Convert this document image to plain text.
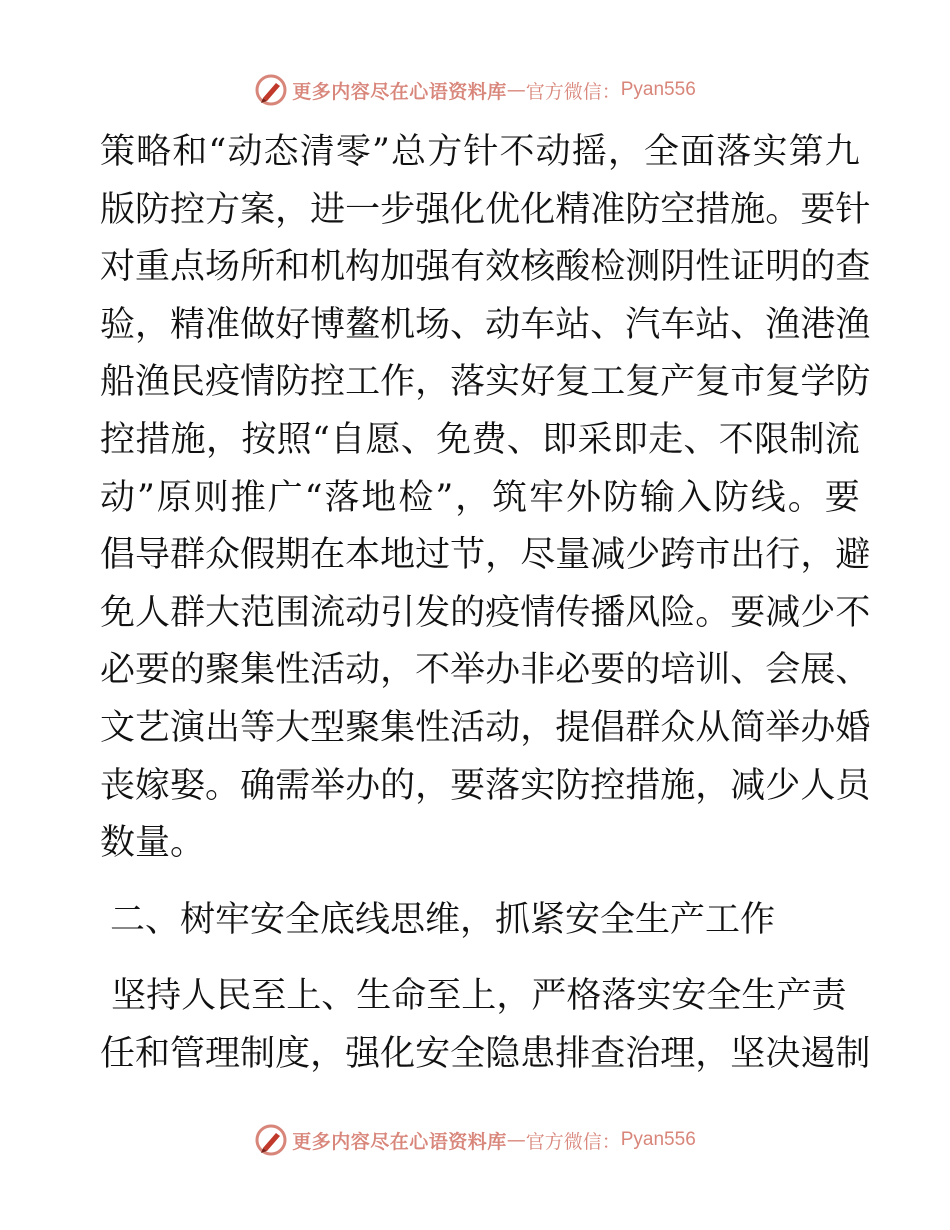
更多内容尽在心语资料库 — 官方微信： Pyan556
策 略 和 “ 动 态 清 零 ” 总 方 针 不 动 摇 ， 全 面 落 实 第 九
版 防 控 方 案 ， 进 一 步 强 化 优 化 精 准 防 空 措 施 。 要 针
对 重 点 场 所 和 机 构 加 强 有 效 核 酸 检 测 阴 性 证 明 的 查
验 ， 精 准 做 好 博 鳌 机 场 、 动 车 站 、 汽 车 站 、 渔 港 渔
船 渔 民 疫 情 防 控 工 作 ， 落 实 好 复 工 复 产 复 市 复 学 防
控 措 施 ， 按 照 “ 自 愿 、 免 费 、 即 采 即 走 、 不 限 制 流
动 ” 原 则 推 广 “ 落 地 检 ” ， 筑 牢 外 防 输 入 防 线 。 要
倡 导 群 众 假 期 在 本 地 过 节 ， 尽 量 减 少 跨 市 出 行 ， 避
免 人 群 大 范 围 流 动 引 发 的 疫 情 传 播 风 险 。 要 减 少 不
必 要 的 聚 集 性 活 动 ， 不 举 办 非 必 要 的 培 训 、 会 展 、
文 艺 演 出 等 大 型 聚 集 性 活 动 ， 提 倡 群 众 从 简 举 办 婚
丧 嫁 娶 。 确 需 举 办 的 ， 要 落 实 防 控 措 施 ， 减 少 人 员
数量。
二、树牢安全底线思维，抓紧安全生产工作

坚 持 人 民 至 上 、 生 命 至 上 ， 严 格 落 实 安 全 生 产 责
任 和 管 理 制 度 ， 强 化 安 全 隐 患 排 查 治 理 ， 坚 决 遏 制
更多内容尽在心语资料库 — 官方微信： Pyan556
